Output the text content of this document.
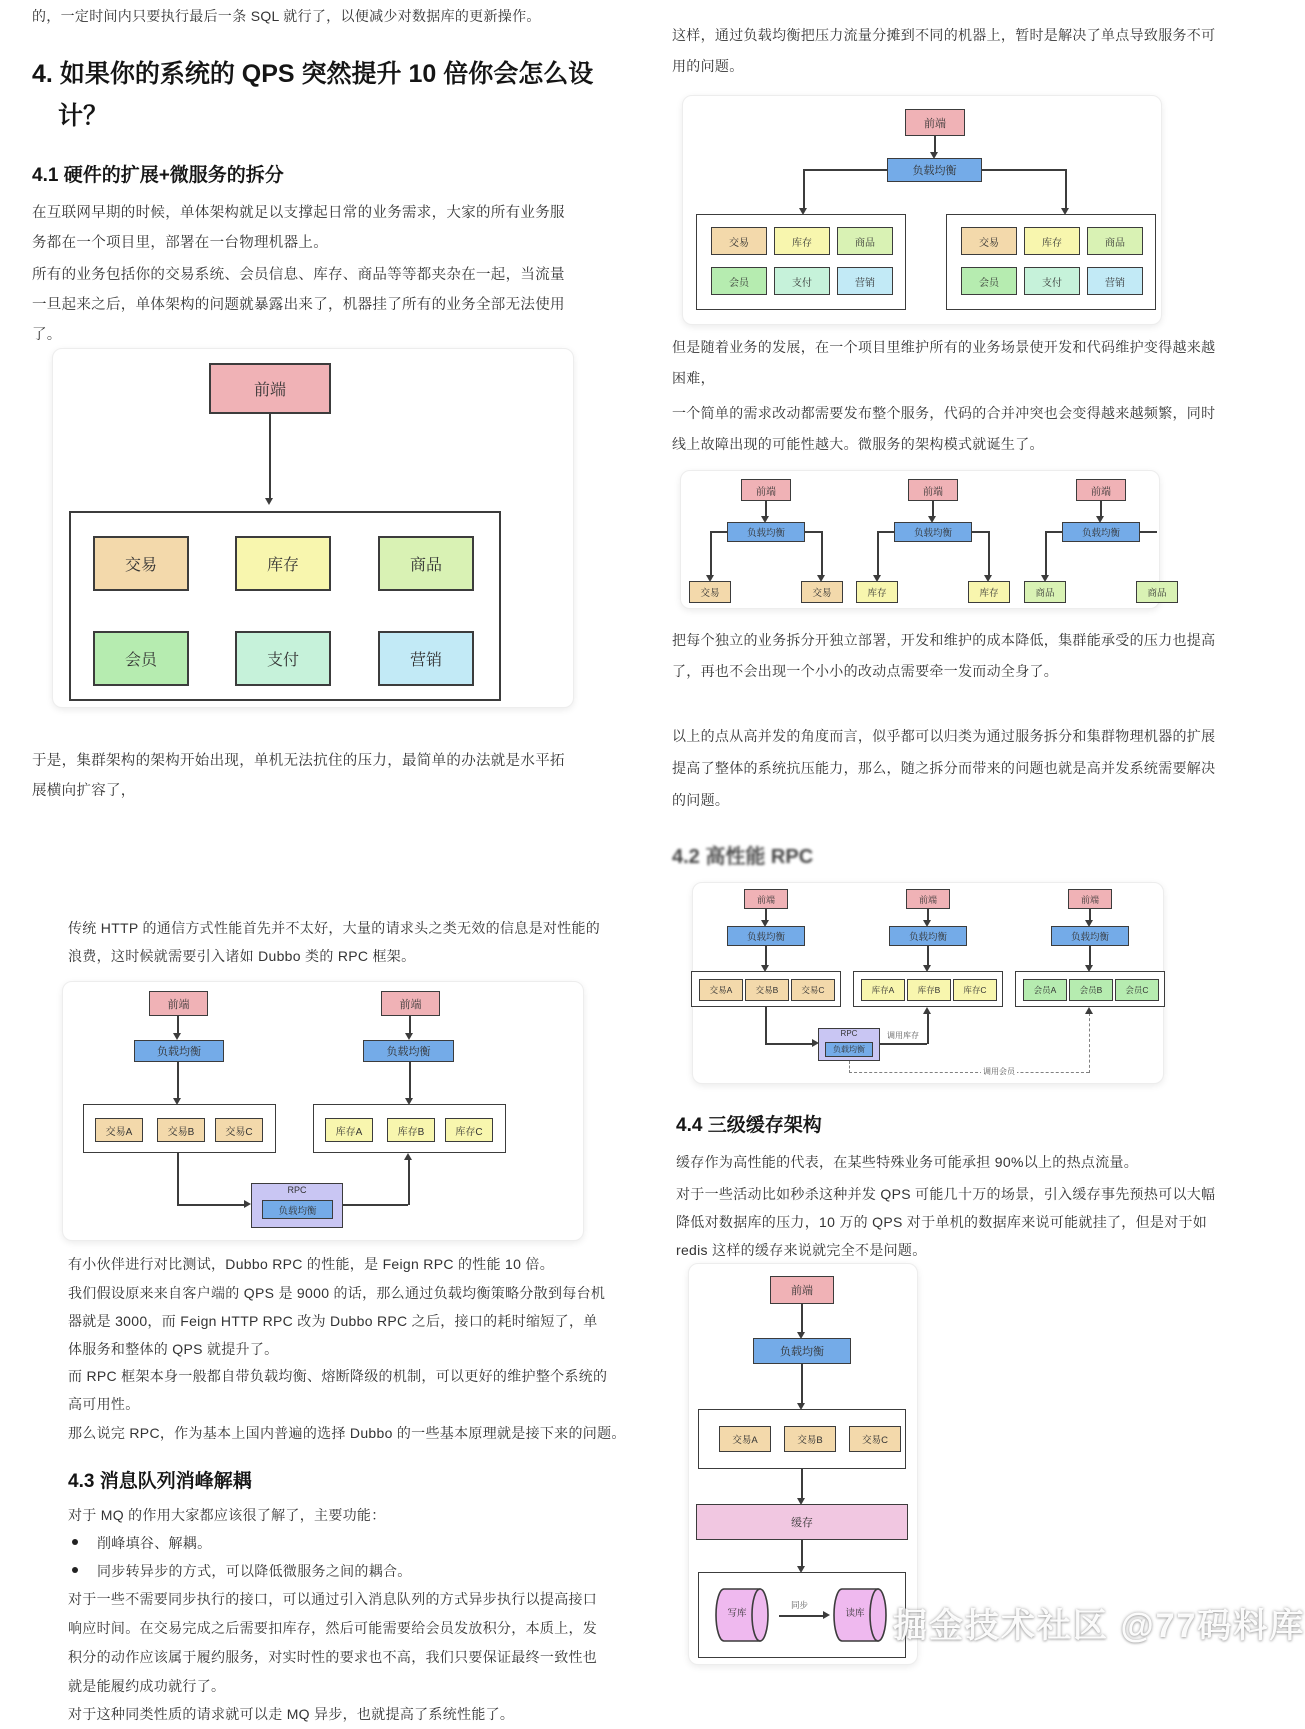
的，一定时间内只要执行最后一条 SQL 就行了，以便减少对数据库的更新操作。
4. 如果你的系统的 QPS 突然提升 10 倍你会怎么设计？
4.1 硬件的扩展+微服务的拆分
在互联网早期的时候，单体架构就足以支撑起日常的业务需求，大家的所有业务服务都在一个项目里，部署在一台物理机器上。
所有的业务包括你的交易系统、会员信息、库存、商品等等都夹杂在一起，当流量一旦起来之后，单体架构的问题就暴露出来了，机器挂了所有的业务全部无法使用了。
前端
交易	库存	商品
会员	支付	营销
于是，集群架构的架构开始出现，单机无法抗住的压力，最简单的办法就是水平拓展横向扩容了，
传统 HTTP 的通信方式性能首先并不太好，大量的请求头之类无效的信息是对性能的浪费，这时候就需要引入诸如 Dubbo 类的 RPC 框架。
前端
负载均衡
交易A	交易B	交易C
前端
负载均衡
库存A	库存B	库存C
RPC
负载均衡
有小伙伴进行对比测试，Dubbo RPC 的性能，是 Feign RPC 的性能 10 倍。
我们假设原来来自客户端的 QPS 是 9000 的话，那么通过负载均衡策略分散到每台机器就是 3000，而 Feign HTTP RPC 改为 Dubbo RPC 之后，接口的耗时缩短了，单体服务和整体的 QPS 就提升了。
而 RPC 框架本身一般都自带负载均衡、熔断降级的机制，可以更好的维护整个系统的高可用性。
那么说完 RPC，作为基本上国内普遍的选择 Dubbo 的一些基本原理就是接下来的问题。
4.3 消息队列消峰解耦
对于 MQ 的作用大家都应该很了解了，主要功能：
削峰填谷、解耦。
同步转异步的方式，可以降低微服务之间的耦合。
对于一些不需要同步执行的接口，可以通过引入消息队列的方式异步执行以提高接口响应时间。在交易完成之后需要扣库存，然后可能需要给会员发放积分，本质上，发积分的动作应该属于履约服务，对实时性的要求也不高，我们只要保证最终一致性也就是能履约成功就行了。
对于这种同类性质的请求就可以走 MQ 异步，也就提高了系统性能了。
这样，通过负载均衡把压力流量分摊到不同的机器上，暂时是解决了单点导致服务不可用的问题。
前端
负载均衡
交易	库存	商品
会员	支付	营销
交易	库存	商品
会员	支付	营销
但是随着业务的发展，在一个项目里维护所有的业务场景使开发和代码维护变得越来越困难，
一个简单的需求改动都需要发布整个服务，代码的合并冲突也会变得越来越频繁，同时线上故障出现的可能性越大。微服务的架构模式就诞生了。
前端
负载均衡
交易	交易
前端
负载均衡
库存	库存
前端
负载均衡
商品	商品
把每个独立的业务拆分开独立部署，开发和维护的成本降低，集群能承受的压力也提高了，再也不会出现一个小小的改动点需要牵一发而动全身了。
以上的点从高并发的角度而言，似乎都可以归类为通过服务拆分和集群物理机器的扩展提高了整体的系统抗压能力，那么，随之拆分而带来的问题也就是高并发系统需要解决的问题。
4.2 高性能 RPC
前端
负载均衡
交易A	交易B	交易C
前端
负载均衡
库存A	库存B	库存C
前端
负载均衡
会员A	会员B	会员C
RPC
负载均衡
调用库存
调用会员
4.4 三级缓存架构
缓存作为高性能的代表，在某些特殊业务可能承担 90%以上的热点流量。
对于一些活动比如秒杀这种并发 QPS 可能几十万的场景，引入缓存事先预热可以大幅降低对数据库的压力，10 万的 QPS 对于单机的数据库来说可能就挂了，但是对于如 redis 这样的缓存来说就完全不是问题。
前端
负载均衡
交易A	交易B	交易C
缓存
写库
同步
读库 掘金技术社区 @77码料库
